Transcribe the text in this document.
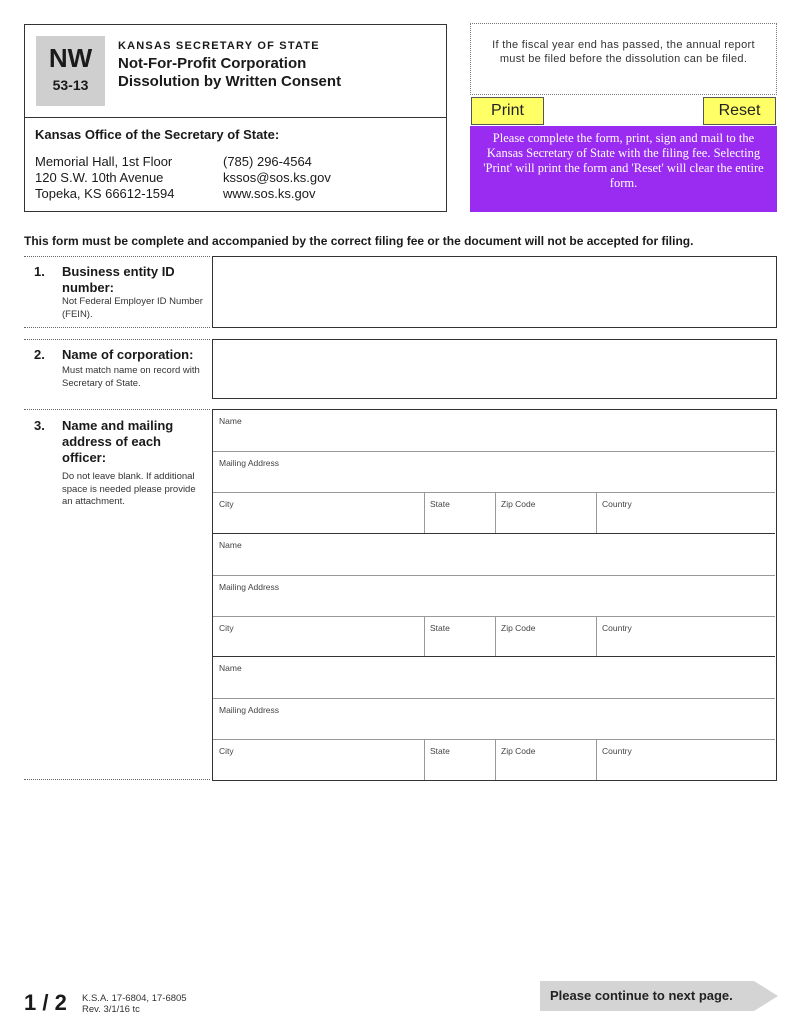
NW
53-13
KANSAS SECRETARY OF STATE
Not-For-Profit Corporation
Dissolution by Written Consent
Kansas Office of the Secretary of State:
Memorial Hall, 1st Floor
120 S.W. 10th Avenue
Topeka, KS 66612-1594
(785) 296-4564
kssos@sos.ks.gov
www.sos.ks.gov
If the fiscal year end has passed, the annual report must be filed before the dissolution can be filed.
Print	Reset
Please complete the form, print, sign and mail to the Kansas Secretary of State with the filing fee. Selecting 'Print' will print the form and 'Reset' will clear the entire form.
This form must be complete and accompanied by the correct filing fee or the document will not be accepted for filing.
1. Business entity ID number:
Not Federal Employer ID Number (FEIN).
2. Name of corporation:
Must match name on record with Secretary of State.
3. Name and mailing address of each officer:
Do not leave blank. If additional space is needed please provide an attachment.
Name
Mailing Address
City	State	Zip Code	Country
Name
Mailing Address
City	State	Zip Code	Country
Name
Mailing Address
City	State	Zip Code	Country
1 / 2 K.S.A. 17-6804, 17-6805
Rev. 3/1/16 tc
Please continue to next page.
